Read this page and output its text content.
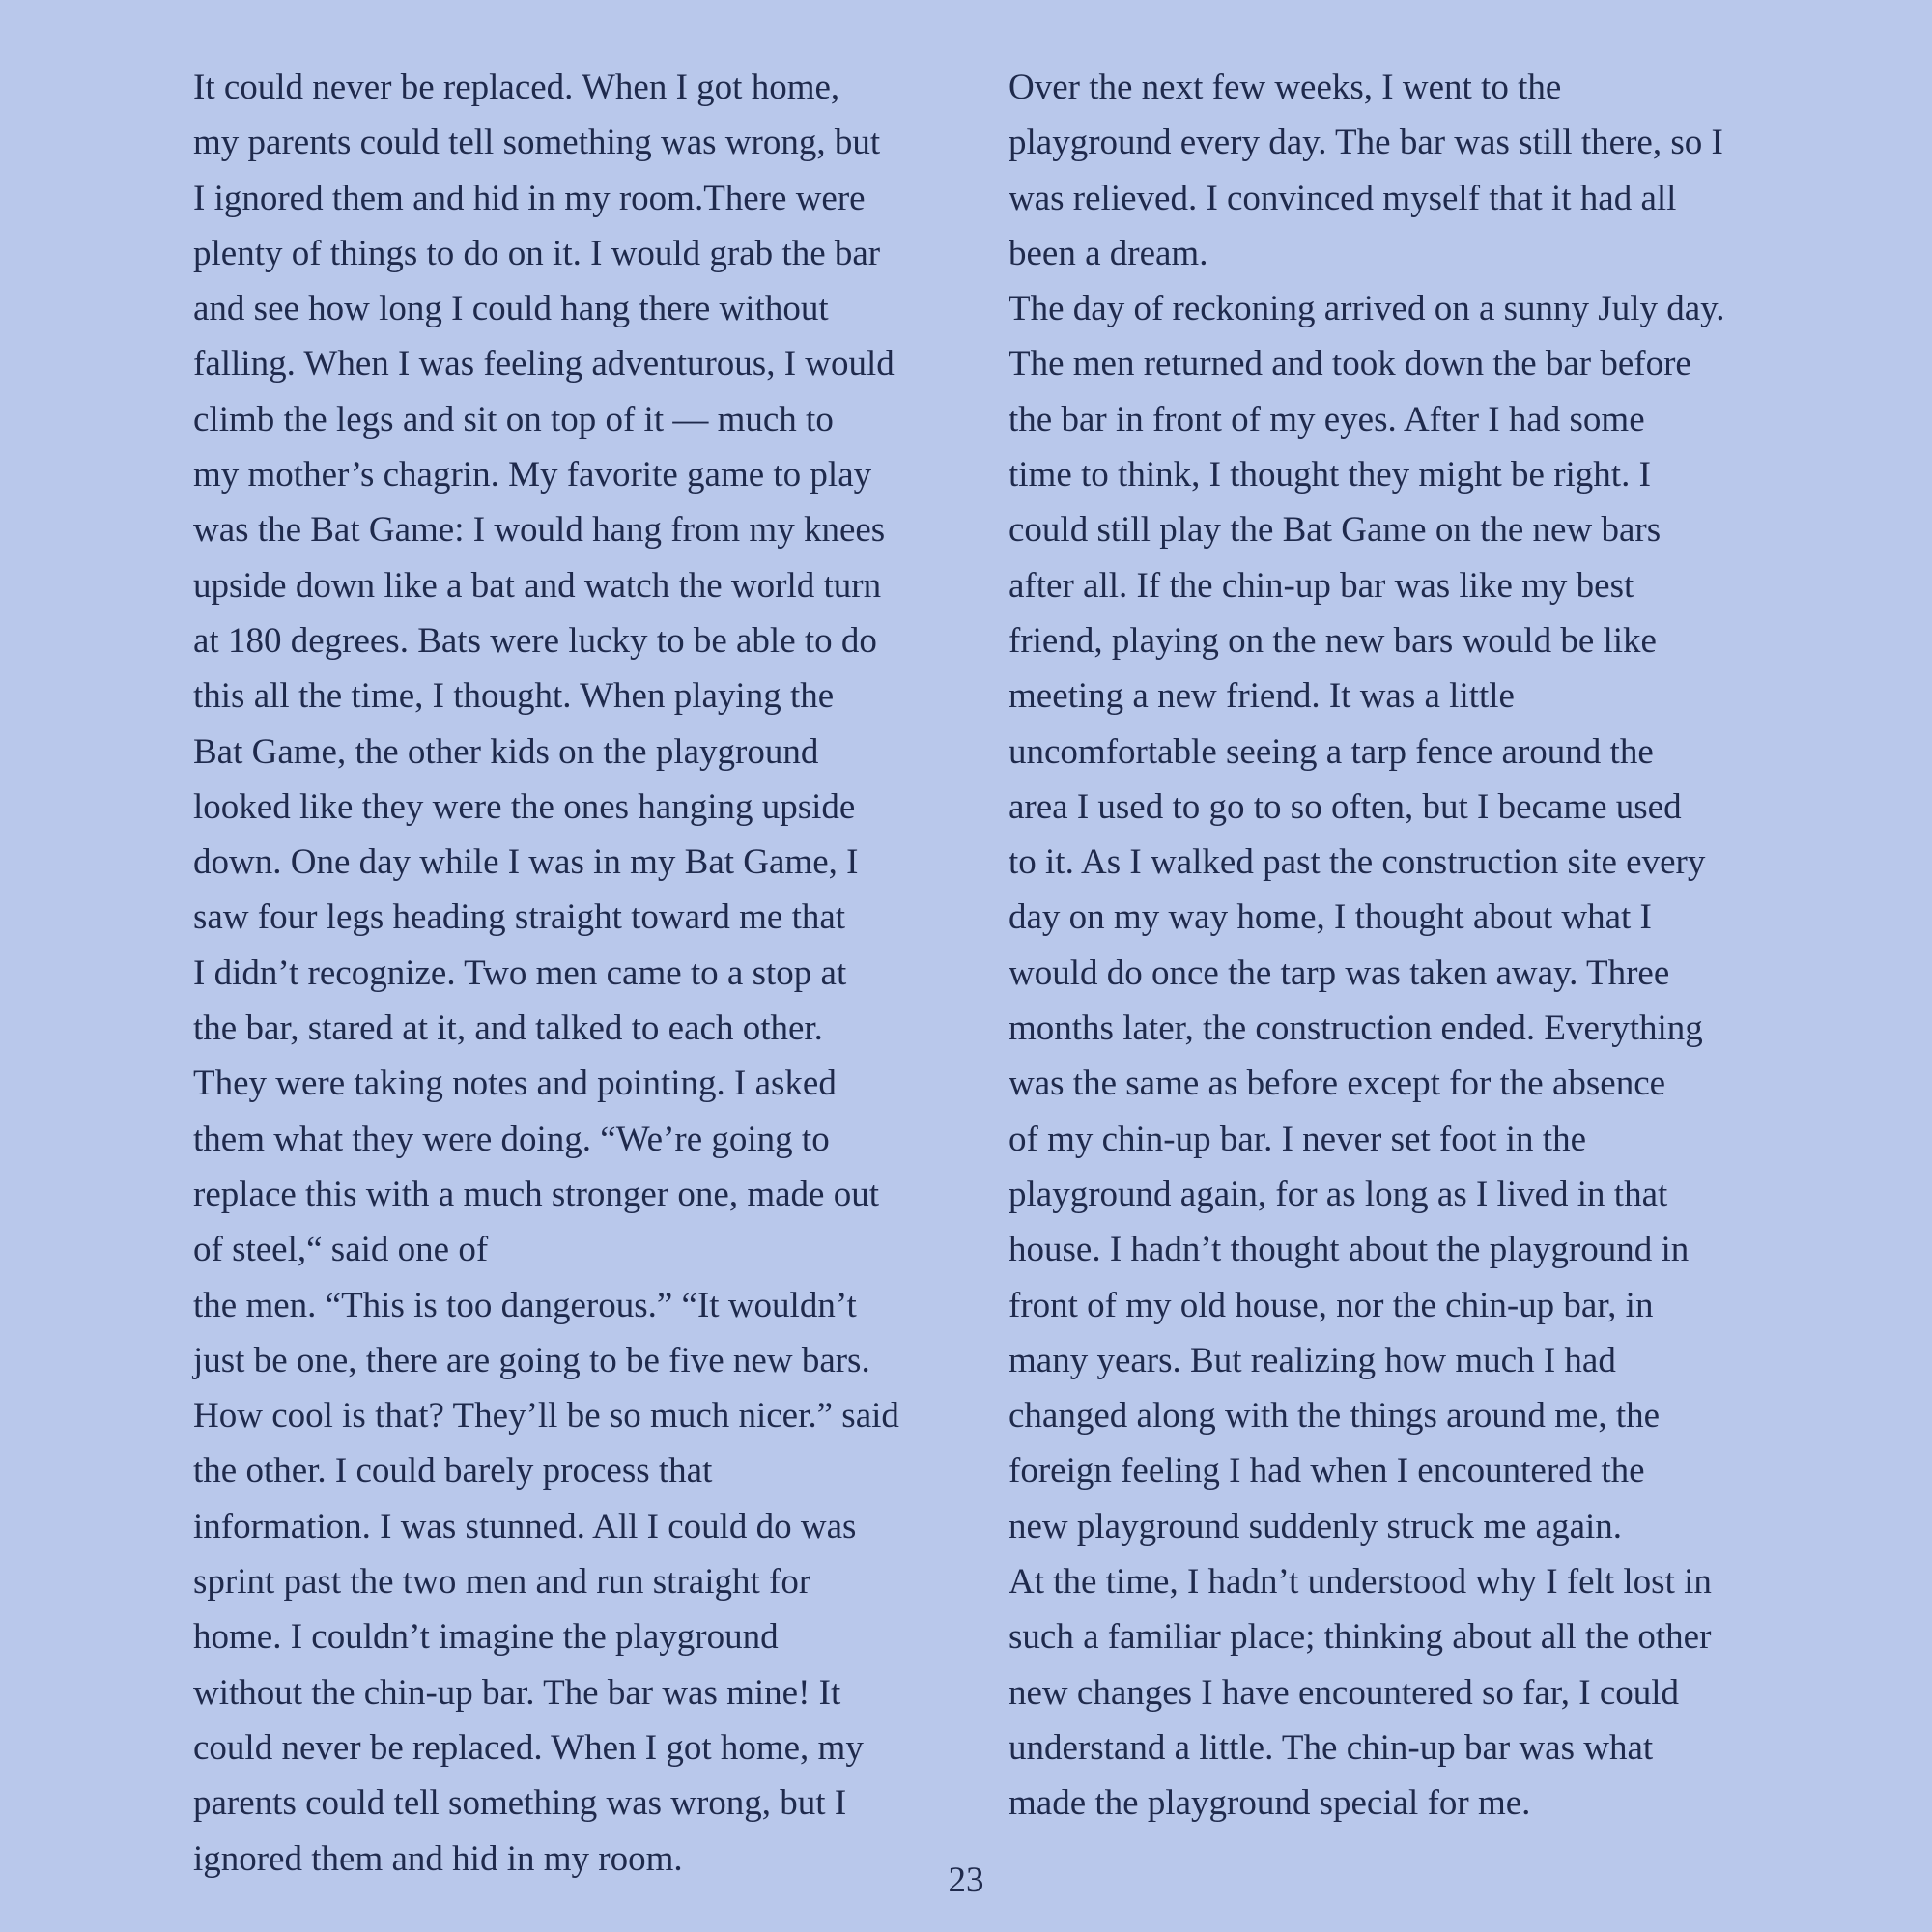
It could never be replaced. When I got home,
my parents could tell something was wrong, but
I ignored them and hid in my room.There were
plenty of things to do on it. I would grab the bar
and see how long I could hang there without
falling. When I was feeling adventurous, I would
climb the legs and sit on top of it — much to
my mother’s chagrin. My favorite game to play
was the Bat Game: I would hang from my knees
upside down like a bat and watch the world turn
at 180 degrees. Bats were lucky to be able to do
this all the time, I thought. When playing the
Bat Game, the other kids on the playground
looked like they were the ones hanging upside
down. One day while I was in my Bat Game, I
saw four legs heading straight toward me that
I didn’t recognize. Two men came to a stop at
the bar, stared at it, and talked to each other.
They were taking notes and pointing. I asked
them what they were doing. “We’re going to
replace this with a much stronger one, made out
of steel,“ said one of
the men. “This is too dangerous.” “It wouldn’t
just be one, there are going to be five new bars.
How cool is that? They’ll be so much nicer.” said
the other. I could barely process that
information. I was stunned. All I could do was
sprint past the two men and run straight for
home. I couldn’t imagine the playground
without the chin-up bar. The bar was mine! It
could never be replaced. When I got home, my
parents could tell something was wrong, but I
ignored them and hid in my room.
Over the next few weeks, I went to the
playground every day. The bar was still there, so I
was relieved. I convinced myself that it had all
been a dream.
The day of reckoning arrived on a sunny July day.
The men returned and took down the bar before
the bar in front of my eyes. After I had some
time to think, I thought they might be right. I
could still play the Bat Game on the new bars
after all. If the chin-up bar was like my best
friend, playing on the new bars would be like
meeting a new friend. It was a little
uncomfortable seeing a tarp fence around the
area I used to go to so often, but I became used
to it. As I walked past the construction site every
day on my way home, I thought about what I
would do once the tarp was taken away. Three
months later, the construction ended. Everything
was the same as before except for the absence
of my chin-up bar. I never set foot in the
playground again, for as long as I lived in that
house. I hadn’t thought about the playground in
front of my old house, nor the chin-up bar, in
many years. But realizing how much I had
changed along with the things around me, the
foreign feeling I had when I encountered the
new playground suddenly struck me again.
At the time, I hadn’t understood why I felt lost in
such a familiar place; thinking about all the other
new changes I have encountered so far, I could
understand a little. The chin-up bar was what
made the playground special for me.
23
